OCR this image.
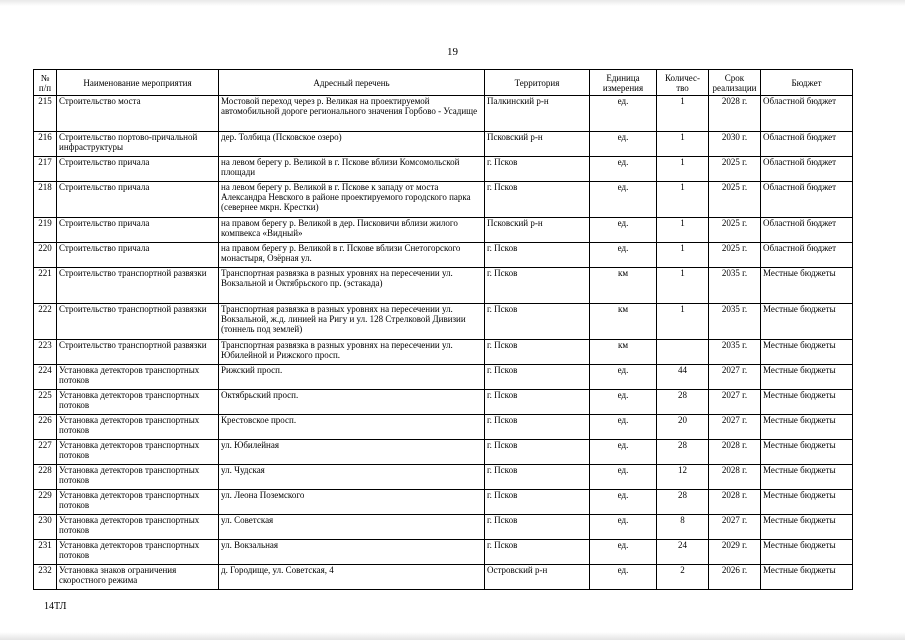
19
№ п/п	Наименование мероприятия	Адресный перечень	Территория	Единица измерения	Количес-тво	Срок реализации	Бюджет
215	Строительство моста	Мостовой переход через р. Великая на проектируемой автомобильной дороге регионального значения Горбово - Усадище	Палкинский р-н	ед.	1	2028 г.	Областной бюджет
216	Строительство портово-причальной инфраструктуры	дер. Толбица (Псковское озеро)	Псковский р-н	ед.	1	2030 г.	Областной бюджет
217	Строительство причала	на левом берегу р. Великой в г. Пскове вблизи Комсомольской площади	г. Псков	ед.	1	2025 г.	Областной бюджет
218	Строительство причала	на левом берегу р. Великой в г. Пскове к западу от моста Александра Невского в районе проектируемого городского парка (севернее мкрн. Крестки)	г. Псков	ед.	1	2025 г.	Областной бюджет
219	Строительство причала	на правом берегу р. Великой в дер. Писковичи вблизи жилого компвекса «Видный»	Псковский р-н	ед.	1	2025 г.	Областной бюджет
220	Строительство причала	на правом берегу р. Великой в г. Пскове вблизи Снетогорского монастыря, Озёрная ул.	г. Псков	ед.	1	2025 г.	Областной бюджет
221	Строительство транспортной развязки	Транспортная развязка в разных уровнях на пересечении ул. Вокзальной и Октябрьского пр. (эстакада)	г. Псков	км	1	2035 г.	Местные бюджеты
222	Строительство транспортной развязки	Транспортная развязка в разных уровнях на пересечении ул. Вокзальной, ж.д. линией на Ригу и ул. 128 Стрелковой Дивизии (тоннель под землей)	г. Псков	км	1	2035 г.	Местные бюджеты
223	Строительство транспортной развязки	Транспортная развязка в разных уровнях на пересечении ул. Юбилейной и Рижского просп.	г. Псков	км		2035 г.	Местные бюджеты
224	Установка детекторов транспортных потоков	Рижский просп.	г. Псков	ед.	44	2027 г.	Местные бюджеты
225	Установка детекторов транспортных потоков	Октябрьский просп.	г. Псков	ед.	28	2027 г.	Местные бюджеты
226	Установка детекторов транспортных потоков	Крестовское просп.	г. Псков	ед.	20	2027 г.	Местные бюджеты
227	Установка детекторов транспортных потоков	ул. Юбилейная	г. Псков	ед.	28	2028 г.	Местные бюджеты
228	Установка детекторов транспортных потоков	ул. Чудская	г. Псков	ед.	12	2028 г.	Местные бюджеты
229	Установка детекторов транспортных потоков	ул. Леона Поземского	г. Псков	ед.	28	2028 г.	Местные бюджеты
230	Установка детекторов транспортных потоков	ул. Советская	г. Псков	ед.	8	2027 г.	Местные бюджеты
231	Установка детекторов транспортных потоков	ул. Вокзальная	г. Псков	ед.	24	2029 г.	Местные бюджеты
232	Установка знаков ограничения скоростного режима	д. Городище, ул. Советская, 4	Островский р-н	ед.	2	2026 г.	Местные бюджеты
14ТЛ
